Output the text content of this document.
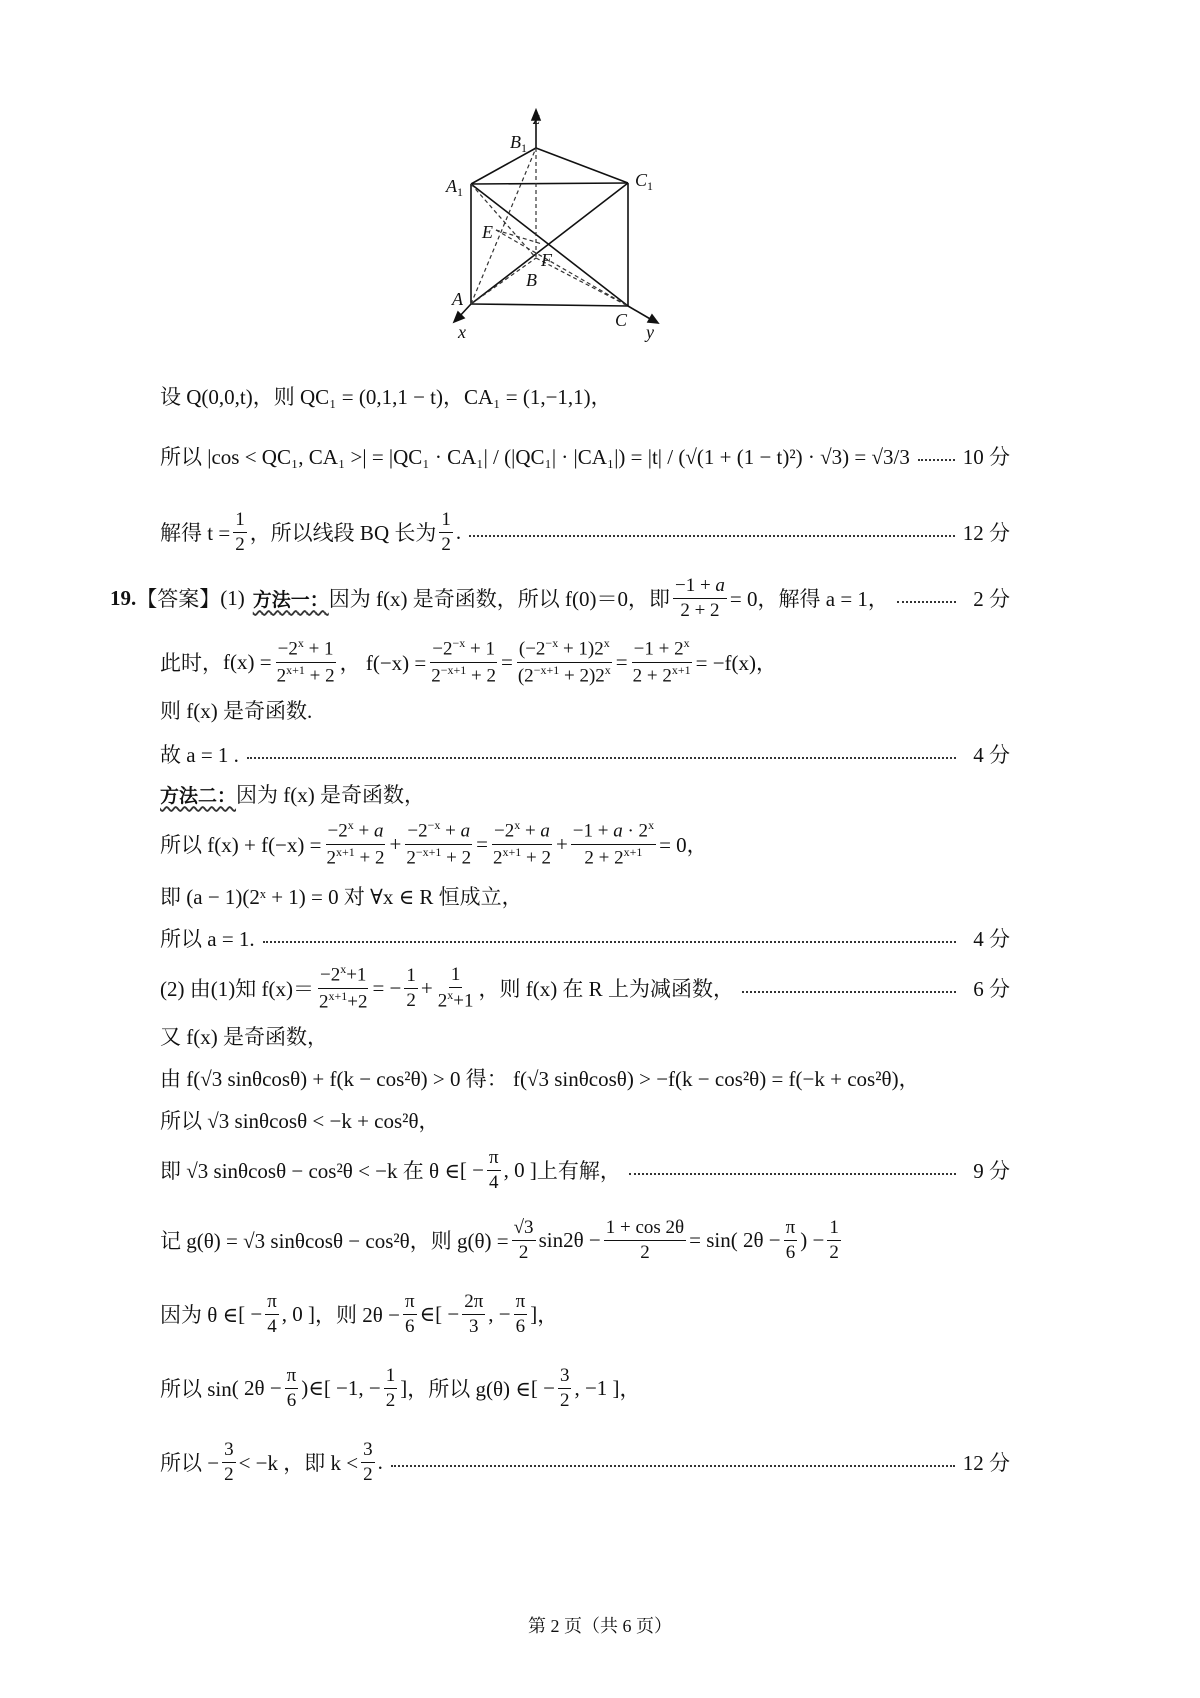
z
$B_1$
$A_1$
$C_1$
E
F
B
A
C
x	y
设 Q(0,0,t)，则 QC₁ = (0,1,1 − t)，CA₁ = (1,−1,1)，
所以 |cos < QC₁, CA₁ >| = |QC₁ · CA₁| / (|QC₁| · |CA₁|) = |t| / (√(1 + (1 − t)²) · √3) = √3/3	10 分
解得 $t = \frac{1}{2}$ ，所以线段 BQ 长为 $\frac{1}{2}$ .	12 分
19. 【答案】 (1) 方法一： 因为 f(x) 是奇函数，所以 f(0)＝0，即 $\frac{-1 + a}{2 + 2} = 0$，解得 a = 1，	2 分
此时， $f(x) = \frac{-2^x + 1}{2^{x+1} + 2}$ ， $f(-x) = \frac{-2^{-x} + 1}{2^{-x+1} + 2} = \frac{(-2^{-x} + 1)2^x}{(2^{-x+1} + 2)2^x} = \frac{-1 + 2^x}{2 + 2^{x+1}} = -f(x)$，
则 f(x) 是奇函数.
故 a = 1 .	4 分
方法二： 因为 f(x) 是奇函数，
所以 $f(x) + f(-x) = \frac{-2^x + a}{2^{x+1} + 2} + \frac{-2^{-x} + a}{2^{-x+1} + 2} = \frac{-2^x + a}{2^{x+1} + 2} + \frac{-1 + a \cdot 2^x}{2 + 2^{x+1}} = 0$，
即 (a − 1)(2ˣ + 1) = 0 对 ∀x ∈ R 恒成立，
所以 a = 1.	4 分
(2) 由(1)知 $f(x)= \frac{-2^x+1}{2^{x+1}+2}$ = − $\frac{1}{2} + \frac{1}{2^x+1}$ ，则 f(x) 在 R 上为减函数，	6 分
又 f(x) 是奇函数，
由 f(√3 sinθcosθ) + f(k − cos²θ) > 0 得： f(√3 sinθcosθ) > −f(k − cos²θ) = f(−k + cos²θ)，
所以 √3 sinθcosθ < −k + cos²θ，
即 √3 sinθcosθ − cos²θ < −k 在 θ ∈ [ − $\frac{\pi}{4}$ , 0 ] 上有解，	9 分
记 g(θ) = √3 sinθcosθ − cos²θ，则 $g(\theta) = \frac{√3}{2} \sin 2\theta - \frac{1 + \cos 2\theta}{2} = \sin$ ( $2\theta - \frac{\pi}{6}$ ) − $\frac{1}{2}$
因为 θ ∈ [ − $\frac{\pi}{4}$ , 0 ] ，则 $2\theta - \frac{\pi}{6}$ ∈ [ − $\frac{2\pi}{3}$ , − $\frac{\pi}{6}$ ] ，
所以 sin ( $2\theta - \frac{\pi}{6}$ ) ∈ [ −1, − $\frac{1}{2}$ ] ，所以 g(θ) ∈ [ − $\frac{3}{2}$ , −1 ] ，
所以 − $\frac{3}{2} < -k$ ，即 $k < \frac{3}{2}$ .	12 分
第 2 页（共 6 页）
